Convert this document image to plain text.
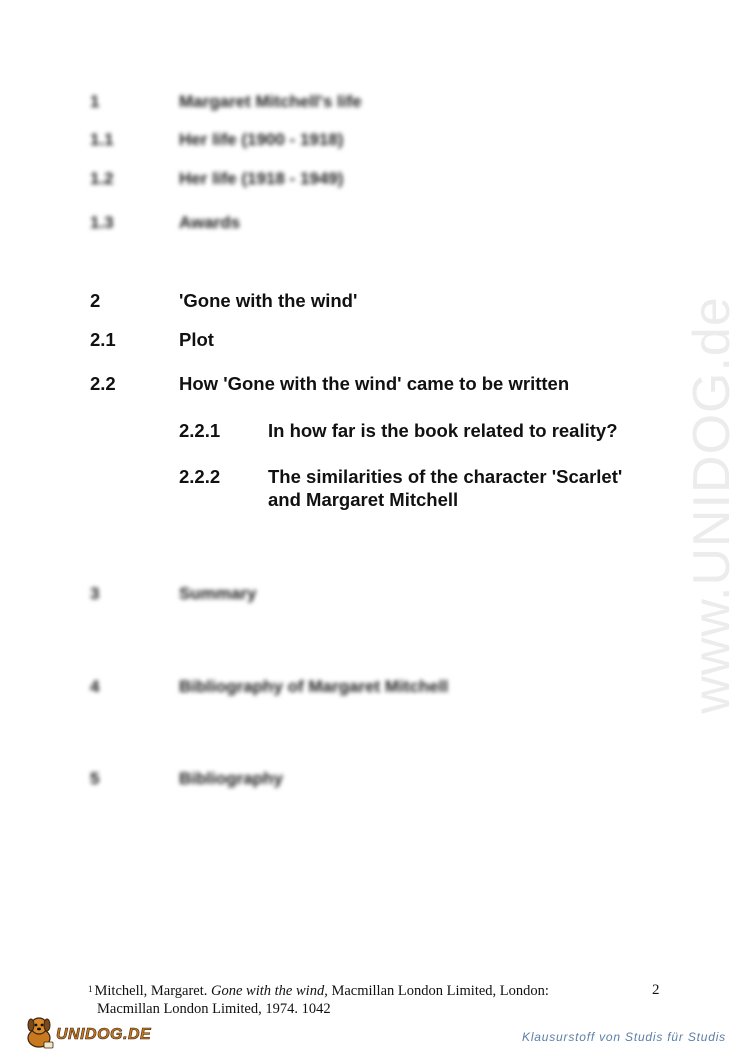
www.UNIDOG.de
1	Margaret Mitchell's life
1.1	Her life (1900 - 1918)
1.2	Her life (1918 - 1949)
1.3	Awards
2	'Gone with the wind'
2.1	Plot
2.2	How 'Gone with the wind' came to be written
2.2.1	In how far is the book related to reality?
2.2.2	The similarities of the character 'Scarlet'
and Margaret Mitchell
3	Summary
4	Bibliography of Margaret Mitchell
5	Bibliography
$^1$ Mitchell, Margaret. Gone with the wind, Macmillan London Limited, London:
Macmillan London Limited, 1974. 1042
2
UNIDOG.DE	Klausurstoff von Studis für Studis
